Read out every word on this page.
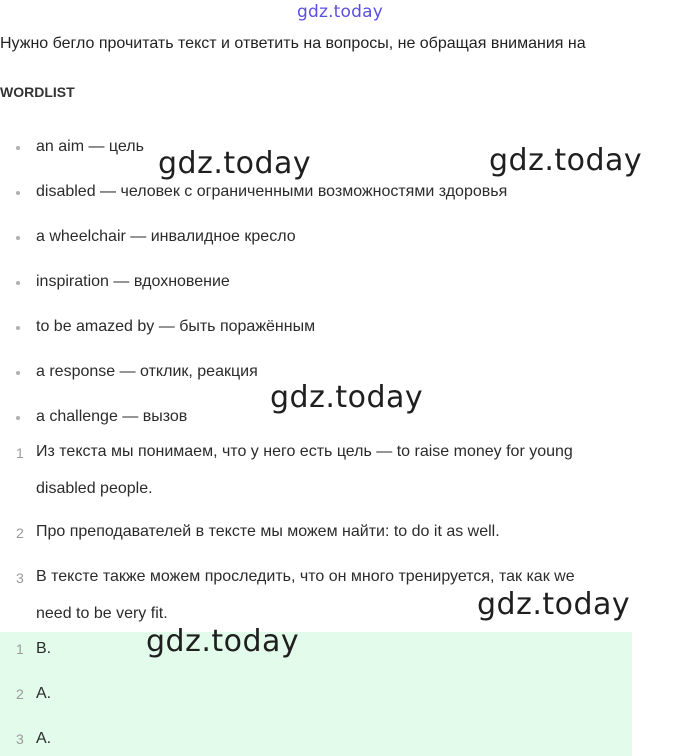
gdz.today
Нужно бегло прочитать текст и ответить на вопросы, не обращая внимания на
WORDLIST
an aim — цель
disabled — человек с ограниченными возможностями здоровья
a wheelchair — инвалидное кресло
inspiration — вдохновение
to be amazed by — быть поражённым
a response — отклик, реакция
a challenge — вызов
1 Из текста мы понимаем, что у него есть цель — to raise money for young
disabled people.
2 Про преподавателей в тексте мы можем найти: to do it as well.
3 В тексте также можем проследить, что он много тренируется, так как we
need to be very fit.
1 B.
2 A.
3 A.
gdz.today	gdz.today
gdz.today
gdz.today
gdz.today
